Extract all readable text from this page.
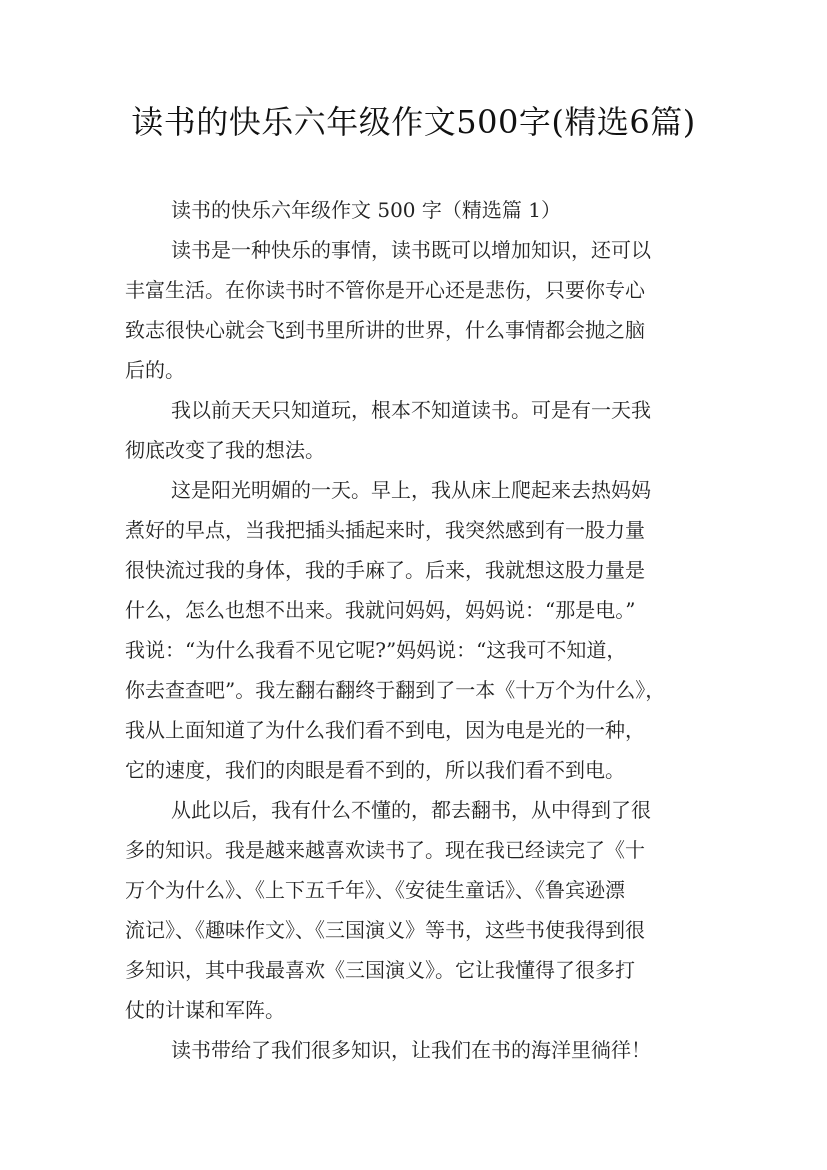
读书的快乐六年级作文500字(精选6篇)
读书的快乐六年级作文 500 字（精选篇 1）
读书是一种快乐的事情，读书既可以增加知识，还可以
丰富生活。在你读书时不管你是开心还是悲伤，只要你专心
致志很快心就会飞到书里所讲的世界，什么事情都会抛之脑
后的。
我以前天天只知道玩，根本不知道读书。可是有一天我
彻底改变了我的想法。
这是阳光明媚的一天。早上，我从床上爬起来去热妈妈
煮好的早点，当我把插头插起来时，我突然感到有一股力量
很快流过我的身体，我的手麻了。后来，我就想这股力量是
什么，怎么也想不出来。我就问妈妈，妈妈说：“那是电。”
我说：“为什么我看不见它呢?”妈妈说：“这我可不知道，
你去查查吧”。我左翻右翻终于翻到了一本《十万个为什么》，
我从上面知道了为什么我们看不到电，因为电是光的一种，
它的速度，我们的肉眼是看不到的，所以我们看不到电。
从此以后，我有什么不懂的，都去翻书，从中得到了很
多的知识。我是越来越喜欢读书了。现在我已经读完了《十
万个为什么》、《上下五千年》、《安徒生童话》、《鲁宾逊漂
流记》、《趣味作文》、《三国演义》等书，这些书使我得到很
多知识，其中我最喜欢《三国演义》。它让我懂得了很多打
仗的计谋和军阵。
读书带给了我们很多知识，让我们在书的海洋里徜徉！
